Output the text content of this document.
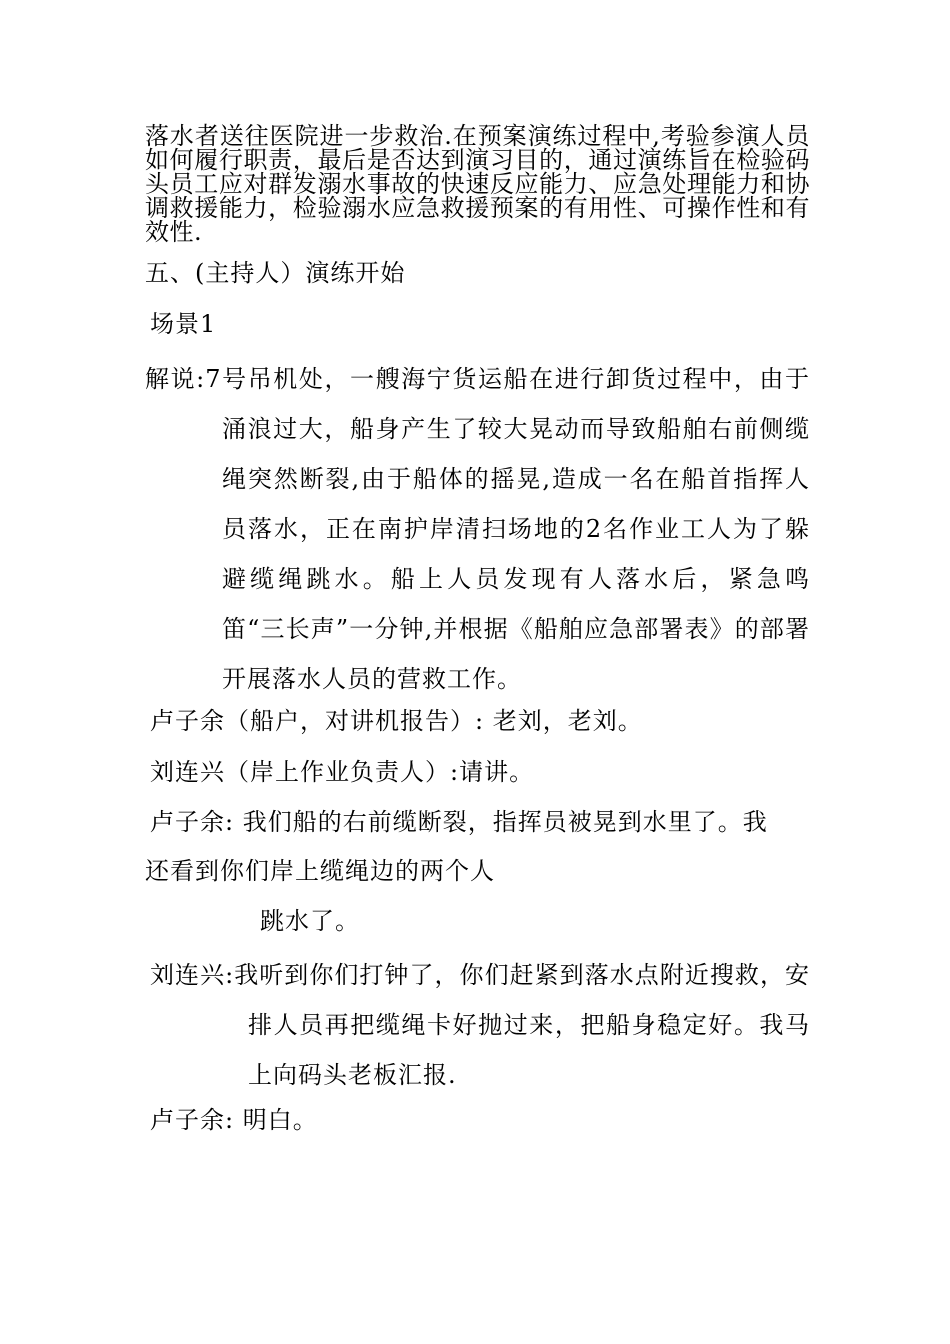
落水者送往医院进一步救治.在预案演练过程中,考验参演人员如何履行职责，最后是否达到演习目的，通过演练旨在检验码头员工应对群发溺水事故的快速反应能力、应急处理能力和协调救援能力，检验溺水应急救援预案的有用性、可操作性和有效性.
五、(主持人）演练开始
场景1
解说:7号吊机处，一艘海宁货运船在进行卸货过程中，由于涌浪过大，船身产生了较大晃动而导致船舶右前侧缆绳突然断裂,由于船体的摇晃,造成一名在船首指挥人员落水，正在南护岸清扫场地的2名作业工人为了躲避缆绳跳水。船上人员发现有人落水后，紧急鸣笛“三长声”一分钟,并根据《船舶应急部署表》的部署开展落水人员的营救工作。
卢子余（船户，对讲机报告）: 老刘，老刘。
刘连兴（岸上作业负责人）:请讲。
卢子余: 我们船的右前缆断裂，指挥员被晃到水里了。我
还看到你们岸上缆绳边的两个人
跳水了。
刘连兴:我听到你们打钟了，你们赶紧到落水点附近搜救，安排人员再把缆绳卡好抛过来，把船身稳定好。我马上向码头老板汇报.
卢子余: 明白。
